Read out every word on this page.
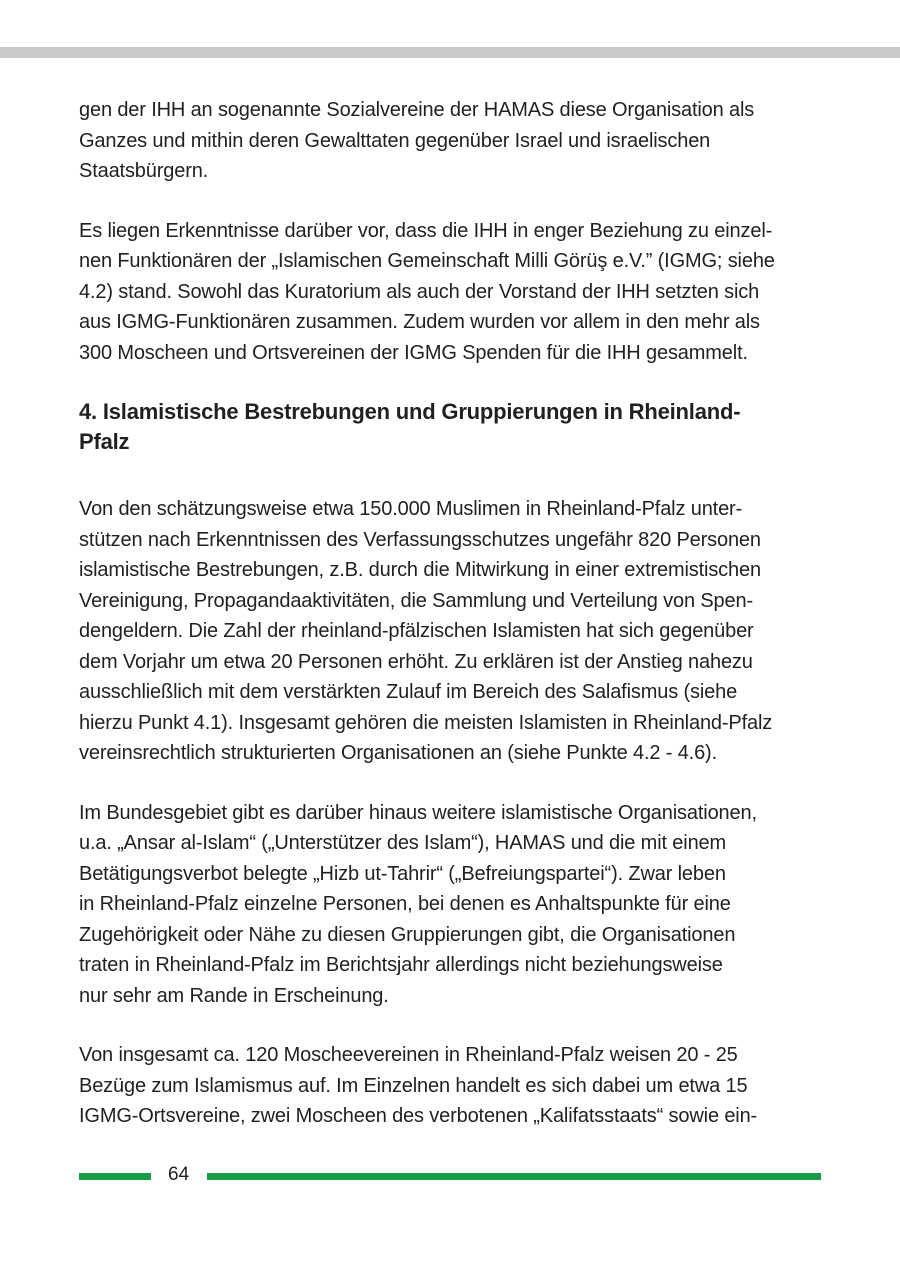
gen der IHH an sogenannte Sozialvereine der HAMAS diese Organisation als
Ganzes und mithin deren Gewalttaten gegenüber Israel und israelischen
Staatsbürgern.

Es liegen Erkenntnisse darüber vor, dass die IHH in enger Beziehung zu einzel-
nen Funktionären der „Islamischen Gemeinschaft Milli Görüş e.V.” (IGMG; siehe
4.2) stand. Sowohl das Kuratorium als auch der Vorstand der IHH setzten sich
aus IGMG-Funktionären zusammen. Zudem wurden vor allem in den mehr als
300 Moscheen und Ortsvereinen der IGMG Spenden für die IHH gesammelt.

4. Islamistische Bestrebungen und Gruppierungen in Rheinland-
Pfalz

Von den schätzungsweise etwa 150.000 Muslimen in Rheinland-Pfalz unter-
stützen nach Erkenntnissen des Verfassungsschutzes ungefähr 820 Personen
islamistische Bestrebungen, z.B. durch die Mitwirkung in einer extremistischen
Vereinigung, Propagandaaktivitäten, die Sammlung und Verteilung von Spen-
dengeldern. Die Zahl der rheinland-pfälzischen Islamisten hat sich gegenüber
dem Vorjahr um etwa 20 Personen erhöht. Zu erklären ist der Anstieg nahezu
ausschließlich mit dem verstärkten Zulauf im Bereich des Salafismus (siehe
hierzu Punkt 4.1). Insgesamt gehören die meisten Islamisten in Rheinland-Pfalz
vereinsrechtlich strukturierten Organisationen an (siehe Punkte 4.2 - 4.6).

Im Bundesgebiet gibt es darüber hinaus weitere islamistische Organisationen,
u.a. „Ansar al-Islam“ („Unterstützer des Islam“), HAMAS und die mit einem
Betätigungsverbot belegte „Hizb ut-Tahrir“ („Befreiungspartei“). Zwar leben
in Rheinland-Pfalz einzelne Personen, bei denen es Anhaltspunkte für eine
Zugehörigkeit oder Nähe zu diesen Gruppierungen gibt, die Organisationen
traten in Rheinland-Pfalz im Berichtsjahr allerdings nicht beziehungsweise
nur sehr am Rande in Erscheinung.

Von insgesamt ca. 120 Moscheevereinen in Rheinland-Pfalz weisen 20 - 25
Bezüge zum Islamismus auf. Im Einzelnen handelt es sich dabei um etwa 15
IGMG-Ortsvereine, zwei Moscheen des verbotenen „Kalifatsstaats“ sowie ein-

64
